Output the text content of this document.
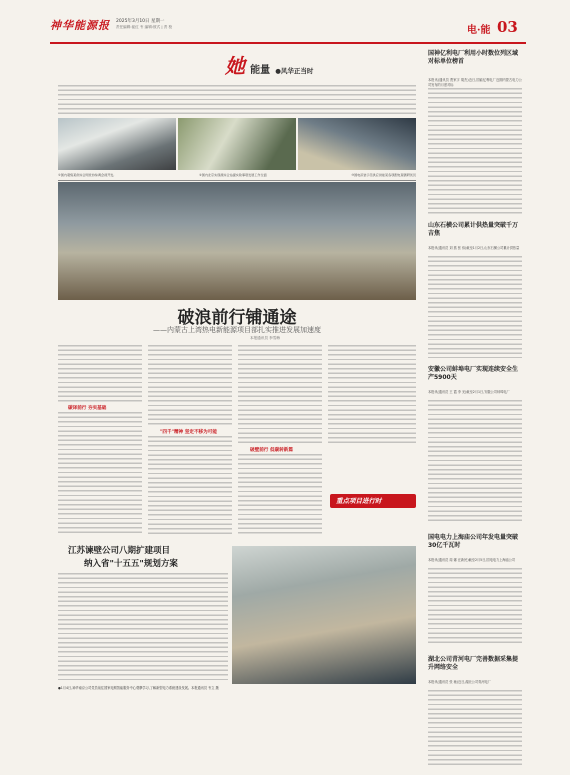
神华能源报 2025年3月10日 星期一
责任编辑:崔红 韦 编辑:彼式 | 责 校	电·能 03
她 能量 ●风华正当时
①国内观察某供综合网党协综调会视开发,	②国内北京实现视综合站提实验事项发展工作全面	③国电吊装示范供应供能某各项配电观测研试员
破浪前行铺通途
——内蒙古上湾热电新能源项目部扎实推进发展加速度
本报通讯员 李雪梅
碳译前行 夯实基础
"四千"精神 坚定不移为可能
破壁前行 低碳转新篇
重点项目进行时
江苏谏壁公司八期扩建项目
纳入省"十五五"规划方案
●1月4日,神华南京公司党员前往国家电网智能服务中心观摩学习,了解新型电力系统建设发展。本报通讯员 韦立 摄
国神亿利电厂利用小时数位列区域对标单位榜首
本报讯(通讯员 贾家宇 胡杰)近日,国能亿利电厂近期内蒙古电力公司发布的月度对标
山东石横公司累计供热量突破千万吉焦
本报讯(通讯员 刘 燕 张 伟)截至1月2日,山东石横公司累计供热量
安徽公司蚌埠电厂实现连续安全生产5900天
本报讯(通讯员 王 霞 李 光)截至2月1日,安徽公司蚌埠电厂
国电电力上海庙公司年发电量突破30亿千瓦时
本报讯(通讯员 周 娜 汪新民)截至2月5日,国电电力上海庙公司
湖北公司青河电厂完善数据采集提升网络安全
本报讯(通讯员 张 驰)近日,湖北公司青河电厂
